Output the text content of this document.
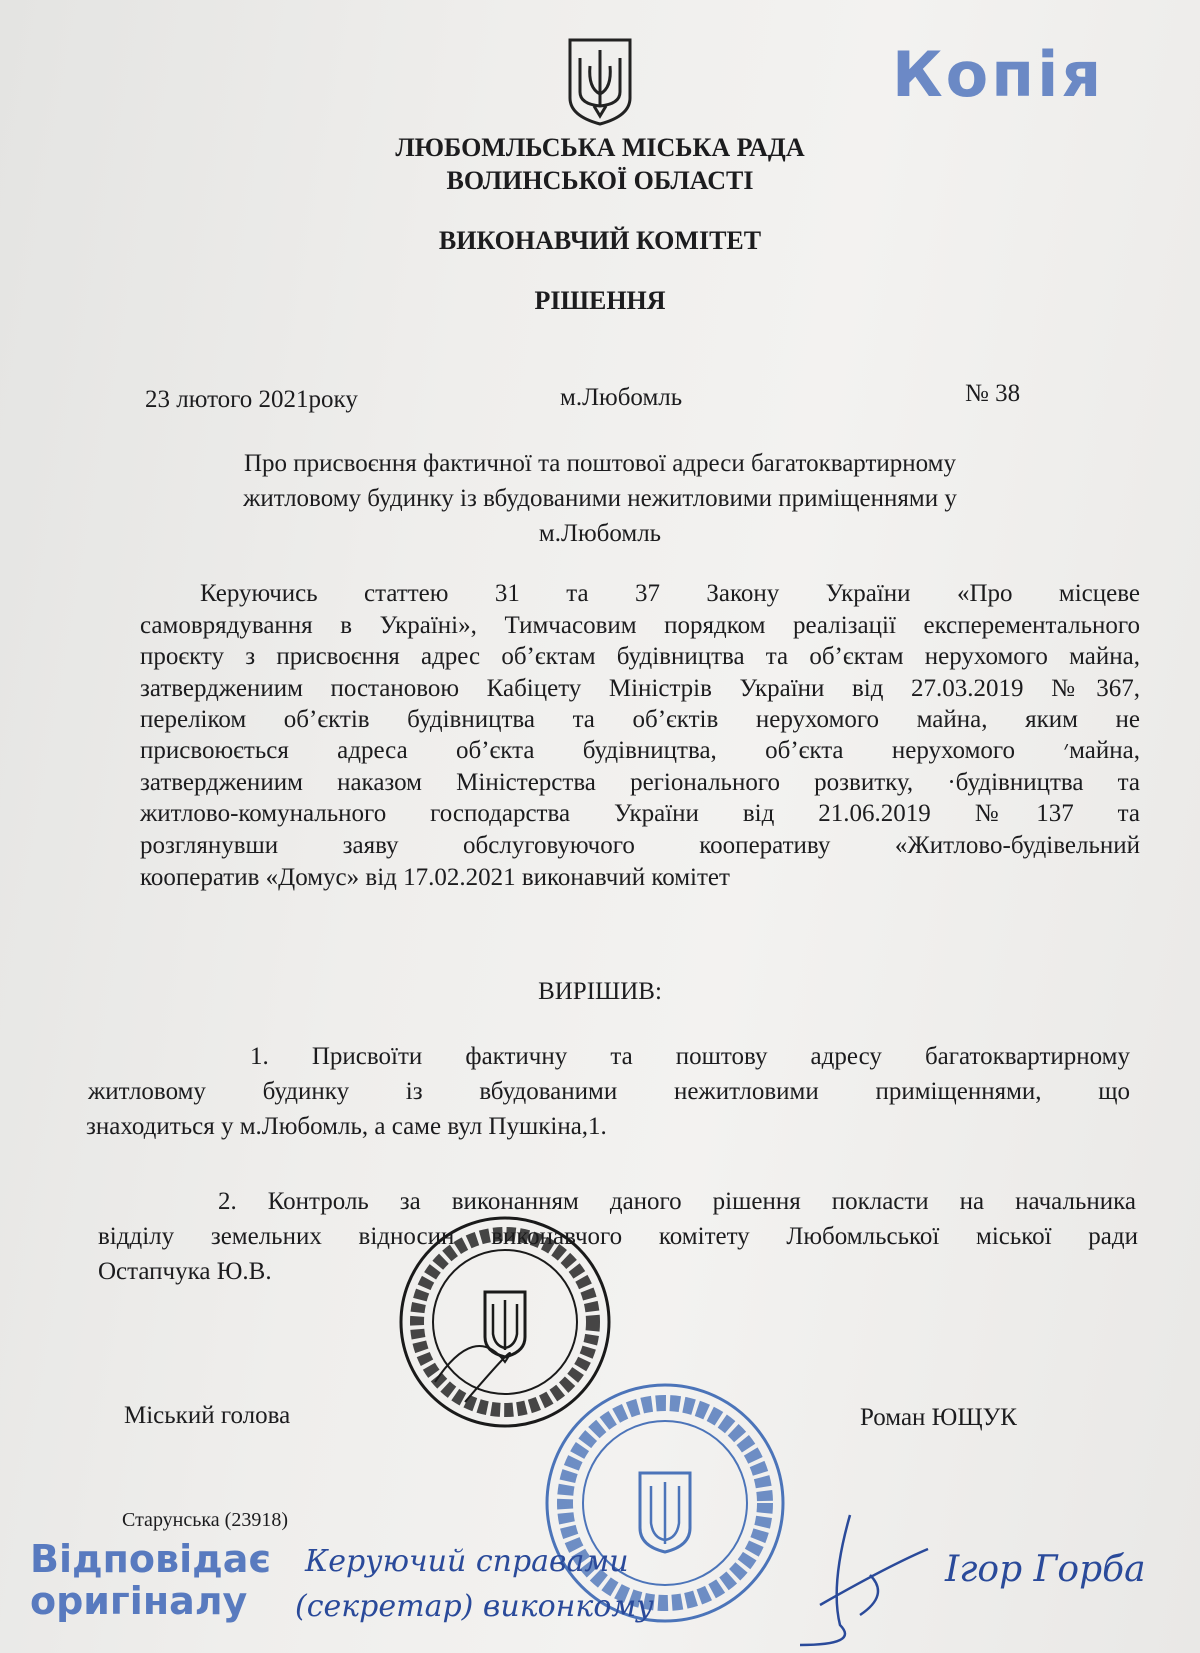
Копія
ЛЮБОМЛЬСЬКА МІСЬКА РАДА
ВОЛИНСЬКОЇ ОБЛАСТІ
ВИКОНАВЧИЙ КОМІТЕТ
РІШЕННЯ
23 лютого 2021року	м.Любомль	№ 38
Про присвоєння фактичної та поштової адреси багатоквартирному
житловому будинку із вбудованими нежитловими приміщеннями у
м.Любомль
Керуючись статтею 31 та 37 Закону України «Про місцеве
самоврядування в Україні», Тимчасовим порядком реалізації експерементального
проєкту з присвоєння адрес об’єктам будівництва та об’єктам нерухомого майна,
затверджениим постановою Кабіцету Міністрів України від 27.03.2019 №367,
переліком об’єктів будівництва та об’єктів нерухомого майна, яким не
присвоюється адреса об’єкта будівництва, об’єкта нерухомого ׳майна,
затверджениим наказом Міністерства регіонального розвитку, ·будівництва та
житлово-комунального господарства України від 21.06.2019 №137 та
розглянувши заяву обслуговуючого кооперативу «Житлово-будівельний
кооператив «Домус» від 17.02.2021 виконавчий комітет
ВИРІШИВ:
1. Присвоїти фактичну та поштову адресу багатоквартирному
житловому будинку із вбудованими нежитловими приміщеннями, що
знаходиться у м.Любомль, а саме вул Пушкіна,1.
2. Контроль за виконанням даного рішення покласти на начальника
відділу земельних відносин виконавчого комітету Любомльської міської ради
Остапчука Ю.В.
Міський голова	Роман ЮЩУК
Старунська (23918)
Відповідає
оригіналу
Керуючий справами
(секретар) виконкому
Ігор Горба
